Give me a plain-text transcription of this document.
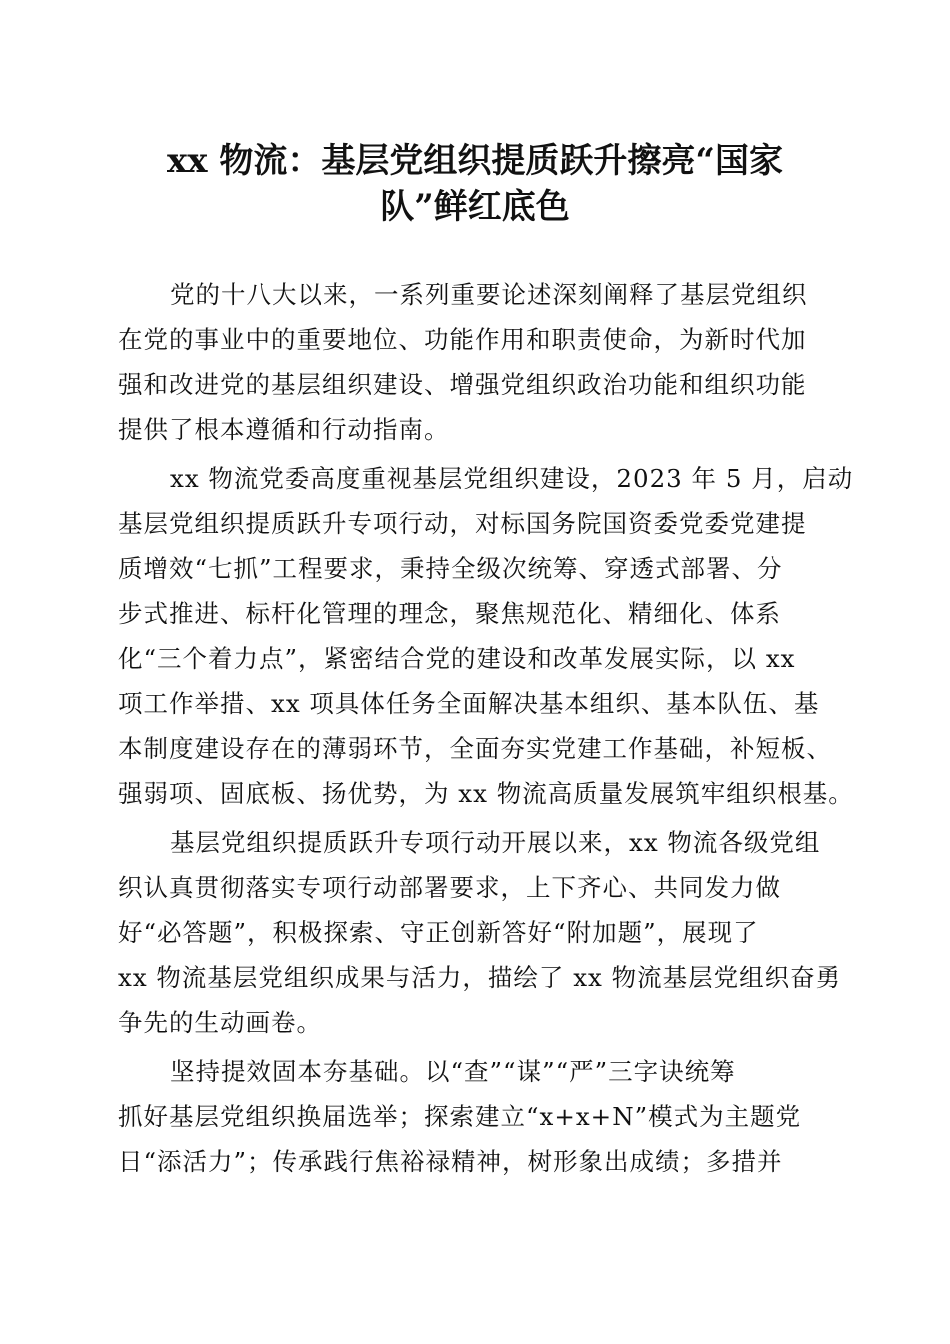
xx 物流：基层党组织提质跃升擦亮“国家
队”鲜红底色

党的十八大以来，一系列重要论述深刻阐释了基层党组织
在党的事业中的重要地位、功能作用和职责使命，为新时代加
强和改进党的基层组织建设、增强党组织政治功能和组织功能
提供了根本遵循和行动指南。

xx 物流党委高度重视基层党组织建设，2023 年 5 月，启动
基层党组织提质跃升专项行动，对标国务院国资委党委党建提
质增效“七抓”工程要求，秉持全级次统筹、穿透式部署、分
步式推进、标杆化管理的理念，聚焦规范化、精细化、体系
化“三个着力点”，紧密结合党的建设和改革发展实际，以 xx
项工作举措、xx 项具体任务全面解决基本组织、基本队伍、基
本制度建设存在的薄弱环节，全面夯实党建工作基础，补短板、
强弱项、固底板、扬优势，为 xx 物流高质量发展筑牢组织根基。

基层党组织提质跃升专项行动开展以来，xx 物流各级党组
织认真贯彻落实专项行动部署要求，上下齐心、共同发力做
好“必答题”，积极探索、守正创新答好“附加题”，展现了
xx 物流基层党组织成果与活力，描绘了 xx 物流基层党组织奋勇
争先的生动画卷。

坚持提效固本夯基础。以“查”“谋”“严”三字诀统筹
抓好基层党组织换届选举；探索建立“x+x+N”模式为主题党
日“添活力”；传承践行焦裕禄精神，树形象出成绩；多措并
